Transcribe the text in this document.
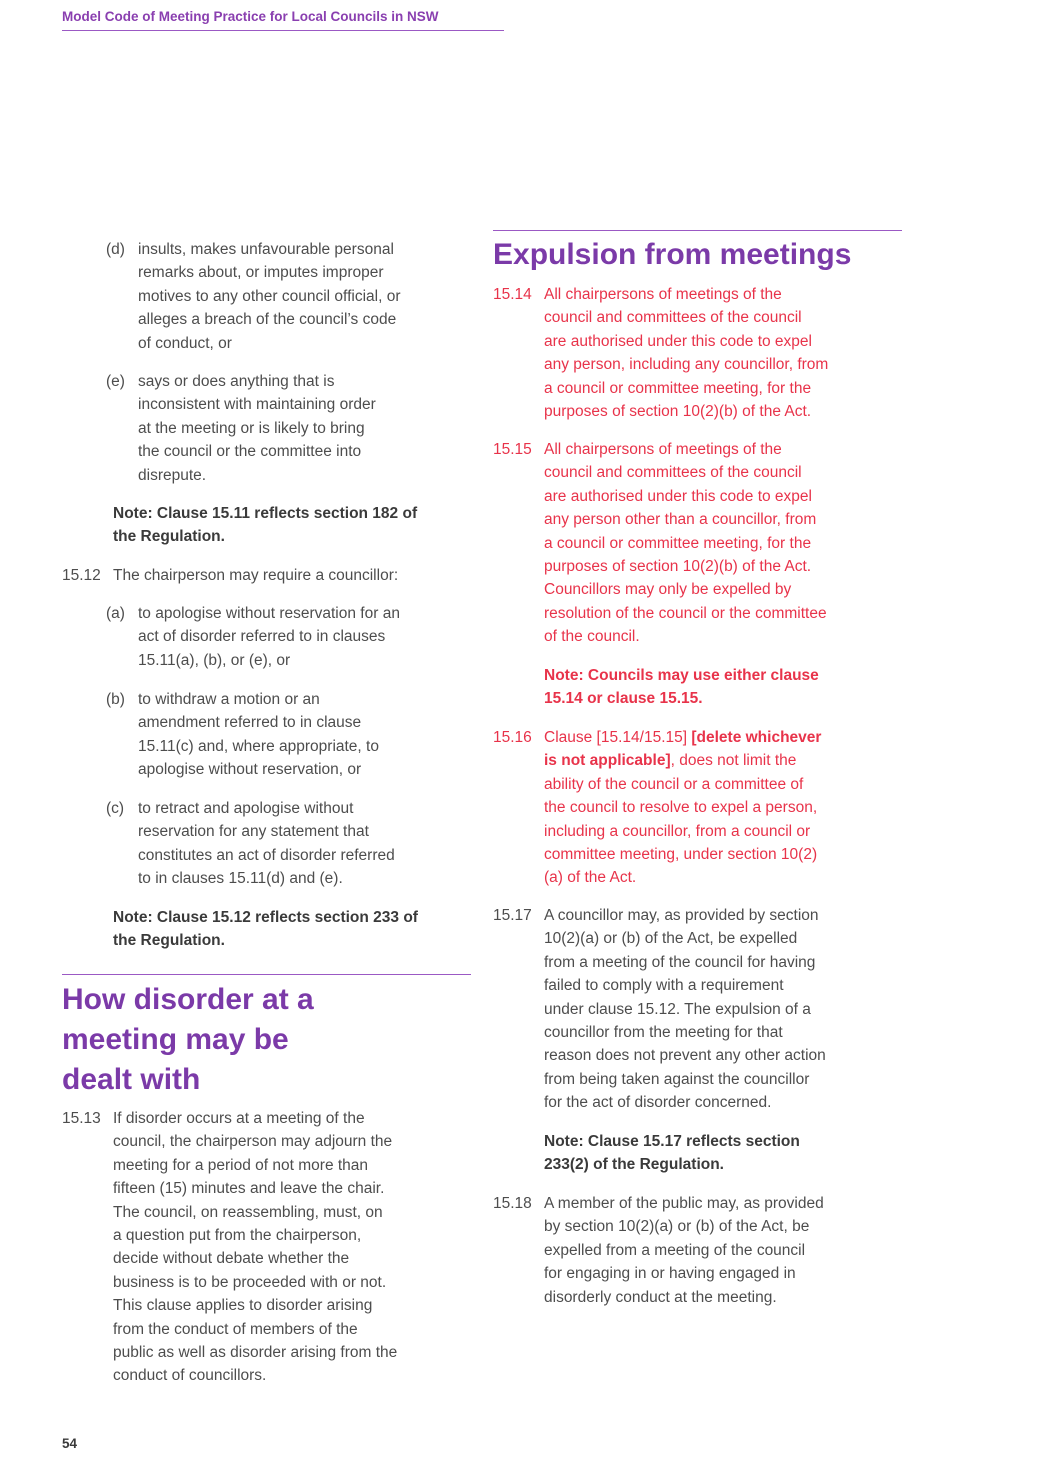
Model Code of Meeting Practice for Local Councils in NSW
(d) insults, makes unfavourable personal
remarks about, or imputes improper
motives to any other council official, or
alleges a breach of the council’s code
of conduct, or
(e) says or does anything that is
inconsistent with maintaining order
at the meeting or is likely to bring
the council or the committee into
disrepute.
Note: Clause 15.11 reflects section 182 of
the Regulation.
15.12 The chairperson may require a councillor:
(a) to apologise without reservation for an
act of disorder referred to in clauses
15.11(a), (b), or (e), or
(b) to withdraw a motion or an
amendment referred to in clause
15.11(c) and, where appropriate, to
apologise without reservation, or
(c) to retract and apologise without
reservation for any statement that
constitutes an act of disorder referred
to in clauses 15.11(d) and (e).
Note: Clause 15.12 reflects section 233 of
the Regulation.
How disorder at a
meeting may be
dealt with
15.13 If disorder occurs at a meeting of the
council, the chairperson may adjourn the
meeting for a period of not more than
fifteen (15) minutes and leave the chair.
The council, on reassembling, must, on
a question put from the chairperson,
decide without debate whether the
business is to be proceeded with or not.
This clause applies to disorder arising
from the conduct of members of the
public as well as disorder arising from the
conduct of councillors.
Expulsion from meetings
15.14 All chairpersons of meetings of the
council and committees of the council
are authorised under this code to expel
any person, including any councillor, from
a council or committee meeting, for the
purposes of section 10(2)(b) of the Act.
15.15 All chairpersons of meetings of the
council and committees of the council
are authorised under this code to expel
any person other than a councillor, from
a council or committee meeting, for the
purposes of section 10(2)(b) of the Act.
Councillors may only be expelled by
resolution of the council or the committee
of the council.
Note: Councils may use either clause
15.14 or clause 15.15.
15.16 Clause [15.14/15.15] [delete whichever
is not applicable], does not limit the
ability of the council or a committee of
the council to resolve to expel a person,
including a councillor, from a council or
committee meeting, under section 10(2)
(a) of the Act.
15.17 A councillor may, as provided by section
10(2)(a) or (b) of the Act, be expelled
from a meeting of the council for having
failed to comply with a requirement
under clause 15.12. The expulsion of a
councillor from the meeting for that
reason does not prevent any other action
from being taken against the councillor
for the act of disorder concerned.
Note: Clause 15.17 reflects section
233(2) of the Regulation.
15.18 A member of the public may, as provided
by section 10(2)(a) or (b) of the Act, be
expelled from a meeting of the council
for engaging in or having engaged in
disorderly conduct at the meeting.
54
